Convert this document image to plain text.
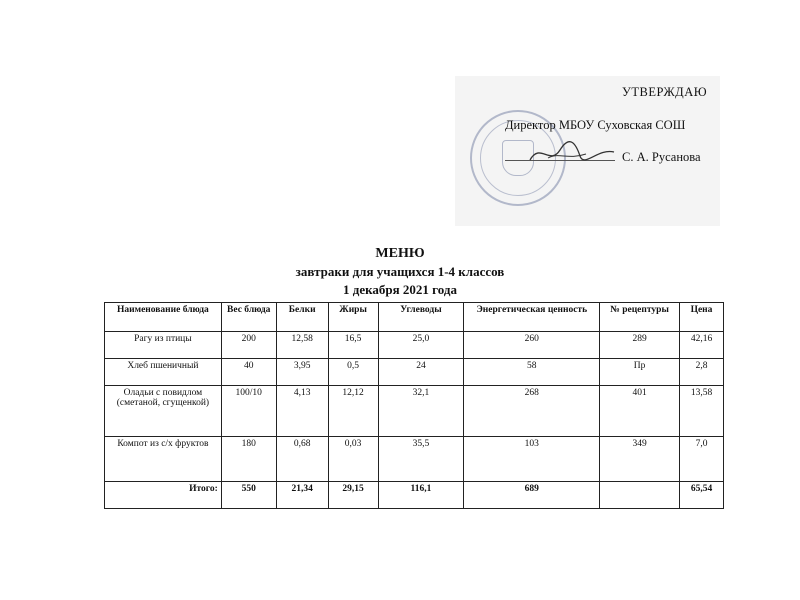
УТВЕРЖДАЮ
Директор МБОУ Суховская СОШ
С. А. Русанова
МЕНЮ
завтраки для учащихся 1-4 классов
1 декабря 2021 года
Наименование блюда	Вес блюда	Белки	Жиры	Углеводы	Энергетическая ценность	№ рецептуры	Цена
Рагу из птицы	200	12,58	16,5	25,0	260	289	42,16
Хлеб пшеничный	40	3,95	0,5	24	58	Пр	2,8
Оладьи с повидлом (сметаной, сгущенкой)	100/10	4,13	12,12	32,1	268	401	13,58
Компот из с/х фруктов	180	0,68	0,03	35,5	103	349	7,0
Итого:	550	21,34	29,15	116,1	689		65,54
